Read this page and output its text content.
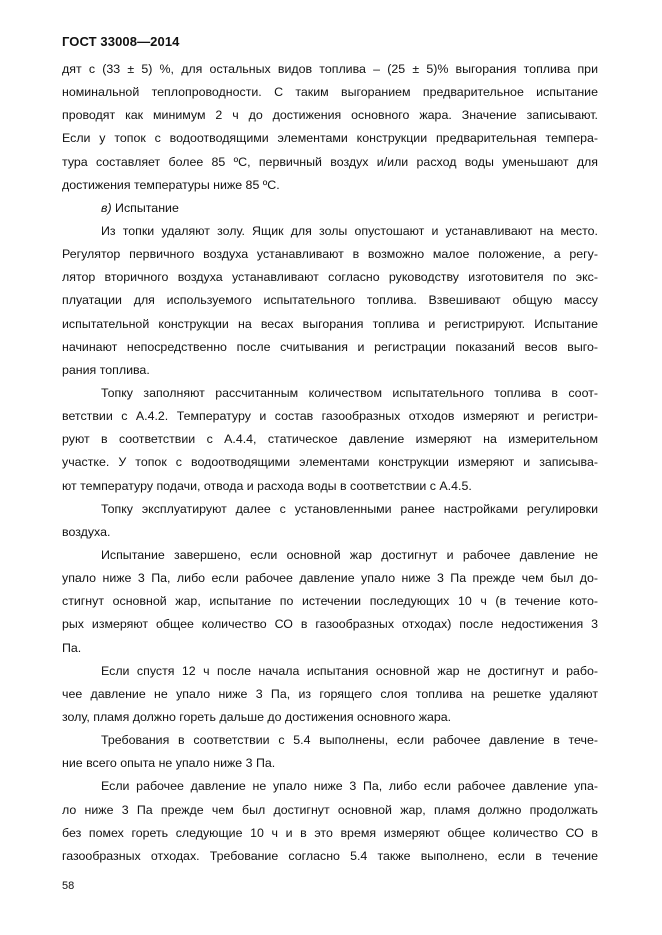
ГОСТ 33008—2014
дят с (33 ± 5) %, для остальных видов топлива – (25 ± 5)% выгорания топлива при
номинальной теплопроводности. С таким выгоранием предварительное испытание
проводят как минимум 2 ч до достижения основного жара. Значение записывают.
Если у топок с водоотводящими элементами конструкции предварительная темпера-
тура составляет более 85 ºС, первичный воздух и/или расход воды уменьшают для
достижения температуры ниже 85 ºС.
в) Испытание
Из топки удаляют золу. Ящик для золы опустошают и устанавливают на место.
Регулятор первичного воздуха устанавливают в возможно малое положение, а регу-
лятор вторичного воздуха устанавливают согласно руководству изготовителя по экс-
плуатации для используемого испытательного топлива. Взвешивают общую массу
испытательной конструкции на весах выгорания топлива и регистрируют. Испытание
начинают непосредственно после считывания и регистрации показаний весов выго-
рания топлива.
Топку заполняют рассчитанным количеством испытательного топлива в соот-
ветствии с А.4.2. Температуру и состав газообразных отходов измеряют и регистри-
руют в соответствии с А.4.4, статическое давление измеряют на измерительном
участке. У топок с водоотводящими элементами конструкции измеряют и записыва-
ют температуру подачи, отвода и расхода воды в соответствии с А.4.5.
Топку эксплуатируют далее с установленными ранее настройками регулировки
воздуха.
Испытание завершено, если основной жар достигнут и рабочее давление не
упало ниже 3 Па, либо если рабочее давление упало ниже 3 Па прежде чем был до-
стигнут основной жар, испытание по истечении последующих 10 ч (в течение кото-
рых измеряют общее количество СО в газообразных отходах) после недостижения 3
Па.
Если спустя 12 ч после начала испытания основной жар не достигнут и рабо-
чее давление не упало ниже 3 Па, из горящего слоя топлива на решетке удаляют
золу, пламя должно гореть дальше до достижения основного жара.
Требования в соответствии с 5.4 выполнены, если рабочее давление в тече-
ние всего опыта не упало ниже 3 Па.
Если рабочее давление не упало ниже 3 Па, либо если рабочее давление упа-
ло ниже 3 Па прежде чем был достигнут основной жар, пламя должно продолжать
без помех гореть следующие 10 ч и в это время измеряют общее количество СО в
газообразных отходах. Требование согласно 5.4 также выполнено, если в течение
58
